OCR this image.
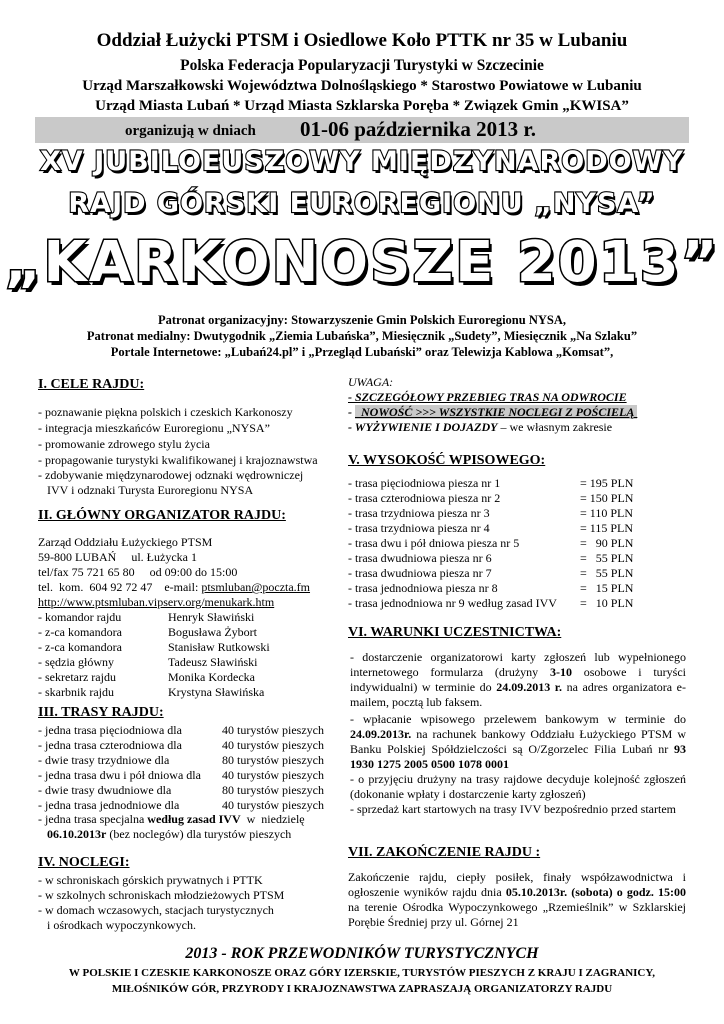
Oddział Łużycki PTSM i Osiedlowe Koło PTTK nr 35 w Lubaniu
Polska Federacja Popularyzacji Turystyki w Szczecinie
Urząd Marszałkowski Województwa Dolnośląskiego * Starostwo Powiatowe w Lubaniu
Urząd Miasta Lubań * Urząd Miasta Szklarska Poręba * Związek Gmin „KWISA”
organizują w dniach 01-06 października 2013 r.
XV JUBILOEUSZOWY MIĘDZYNARODOWY
RAJD GÓRSKI EUROREGIONU „NYSA”
„KARKONOSZE 2013”
Patronat organizacyjny: Stowarzyszenie Gmin Polskich Euroregionu NYSA,
Patronat medialny: Dwutygodnik „Ziemia Lubańska”, Miesięcznik „Sudety”, Miesięcznik „Na Szlaku”
Portale Internetowe: „Lubań24.pl” i „Przegląd Lubański” oraz Telewizja Kablowa „Komsat”,
I. CELE RAJDU:
- poznawanie pięknа polskich i czeskich Karkonoszy
- integracja mieszkańców Euroregionu „NYSA”
- promowanie zdrowego stylu życia
- propagowanie turystyki kwalifikowanej i krajoznawstwa
- zdobywanie międzynarodowej odznaki wędrowniczej
IVV i odznaki Turysta Euroregionu NYSA
II. GŁÓWNY ORGANIZATOR RAJDU:
Zarząd Oddziału Łużyckiego PTSM
59-800 LUBAŃ     ul. Łużycka 1
tel/fax 75 721 65 80     od 09:00 do 15:00
tel.  kom.  604 92 72 47    e-mail: ptsmluban@poczta.fm
http://www.ptsmluban.vipserv.org/menukark.htm
- komandor rajdu	Henryk Sławiński
- z-ca komandora	Bogusława Żybort
- z-ca komandora	Stanisław Rutkowski
- sędzia główny	Tadeusz Sławiński
- sekretarz rajdu	Monika Kordecka
- skarbnik rajdu	Krystyna Sławińska
III. TRASY RAJDU:
- jedna trasa pięciodniowa dla	40 turystów pieszych
- jedna trasa czterodniowa dla	40 turystów pieszych
- dwie trasy trzydniowe dla	80 turystów pieszych
- jedna trasa dwu i pół dniowa dla 40 turystów pieszych
- dwie trasy dwudniowe dla	80 turystów pieszych
- jedna trasa jednodniowe dla	40 turystów pieszych
- jedna trasa specjalna według zasad IVV  w  niedzielę
06.10.2013r (bez noclegów) dla turystów pieszych
IV. NOCLEGI:
- w schroniskach górskich prywatnych i PTTK
- w szkolnych schroniskach młodzieżowych PTSM
- w domach wczasowych, stacjach turystycznych
i ośrodkach wypoczynkowych.
UWAGA:
- SZCZEGÓŁOWY PRZEBIEG TRAS NA ODWROCIE
-   NOWOŚĆ >>> WSZYSTKIE NOCLEGI Z POŚCIELĄ
- WYŻYWIENIE I DOJAZDY – we własnym zakresie
V. WYSOKOŚĆ WPISOWEGO:
- trasa pięciodniowa piesza nr 1	= 195 PLN
- trasa czterodniowa piesza nr 2	= 150 PLN
- trasa trzydniowa piesza nr 3	= 110 PLN
- trasa trzydniowa piesza nr 4	= 115 PLN
- trasa dwu i pół dniowa piesza nr 5	=   90 PLN
- trasa dwudniowa piesza nr 6	=   55 PLN
- trasa dwudniowa piesza nr 7	=   55 PLN
- trasa jednodniowa piesza nr 8	=   15 PLN
- trasa jednodniowa nr 9 według zasad IVV =   10 PLN
VI. WARUNKI UCZESTNICTWA:
- dostarczenie organizatorowi karty zgłoszeń lub wypełnionego internetowego formularza (drużyny 3-10 osobowe i turyści indywidualni) w terminie do 24.09.2013 r. na adres organizatora e-mailem, pocztą lub faksem.
- wpłacanie wpisowego przelewem bankowym w terminie do 24.09.2013r. na rachunek bankowy Oddziału Łużyckiego PTSM w Banku Polskiej Spółdzielczości są O/Zgorzelec Filia Lubań nr 93 1930 1275 2005 0500 1078 0001
- o przyjęciu drużyny na trasy rajdowe decyduje kolejność zgłoszeń (dokonanie wpłaty i dostarczenie karty zgłoszeń)
- sprzedaż kart startowych na trasy IVV bezpośrednio przed startem
VII. ZAKOŃCZENIE RAJDU :
Zakończenie rajdu, ciepły posiłek, finały współzawodnictwa i ogłoszenie wyników rajdu dnia 05.10.2013r. (sobota) o godz. 15:00 na terenie Ośrodka Wypoczynkowego „Rzemieślnik” w Szklarskiej Porębie Średniej przy ul. Górnej 21
2013 - ROK PRZEWODNIKÓW TURYSTYCZNYCH
W POLSKIE I CZESKIE KARKONOSZE ORAZ GÓRY IZERSKIE, TURYSTÓW PIESZYCH Z KRAJU I ZAGRANICY,
MIŁOŚNIKÓW GÓR, PRZYRODY I KRAJOZNAWSTWA ZAPRASZAJĄ ORGANIZATORZY RAJDU
